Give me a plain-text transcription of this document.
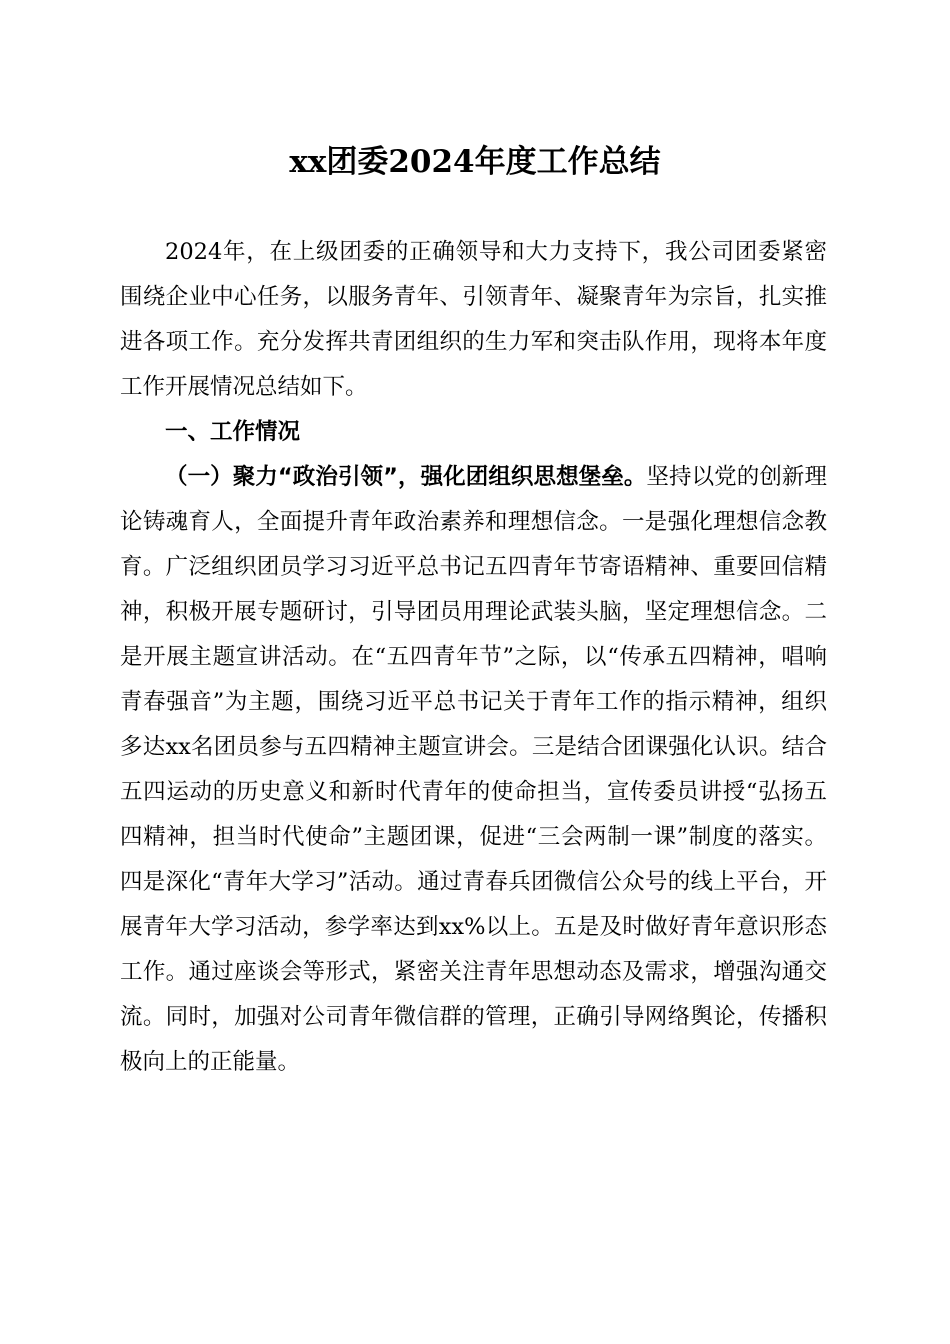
xx团委2024年度工作总结

2024年，在上级团委的正确领导和大力支持下，我公司团委紧密围绕企业中心任务，以服务青年、引领青年、凝聚青年为宗旨，扎实推进各项工作。充分发挥共青团组织的生力军和突击队作用，现将本年度工作开展情况总结如下。

一、工作情况

（一）聚力“政治引领”，强化团组织思想堡垒。坚持以党的创新理论铸魂育人，全面提升青年政治素养和理想信念。一是强化理想信念教育。广泛组织团员学习习近平总书记五四青年节寄语精神、重要回信精神，积极开展专题研讨，引导团员用理论武装头脑，坚定理想信念。二是开展主题宣讲活动。在“五四青年节”之际，以“传承五四精神，唱响青春强音”为主题，围绕习近平总书记关于青年工作的指示精神，组织多达xx名团员参与五四精神主题宣讲会。三是结合团课强化认识。结合五四运动的历史意义和新时代青年的使命担当，宣传委员讲授“弘扬五四精神，担当时代使命”主题团课，促进“三会两制一课”制度的落实。四是深化“青年大学习”活动。通过青春兵团微信公众号的线上平台，开展青年大学习活动，参学率达到xx%以上。五是及时做好青年意识形态工作。通过座谈会等形式，紧密关注青年思想动态及需求，增强沟通交流。同时，加强对公司青年微信群的管理，正确引导网络舆论，传播积极向上的正能量。
